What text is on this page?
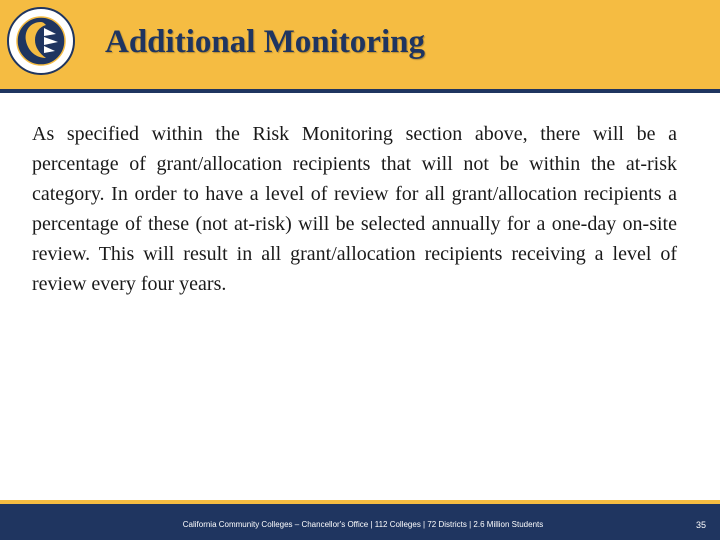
Additional Monitoring

As specified within the Risk Monitoring section above, there will be a percentage of grant/allocation recipients that will not be within the at-risk category. In order to have a level of review for all grant/allocation recipients a percentage of these (not at-risk) will be selected annually for a one-day on-site review. This will result in all grant/allocation recipients receiving a level of review every four years.

California Community Colleges – Chancellor's Office | 112 Colleges | 72 Districts | 2.6 Million Students	35
